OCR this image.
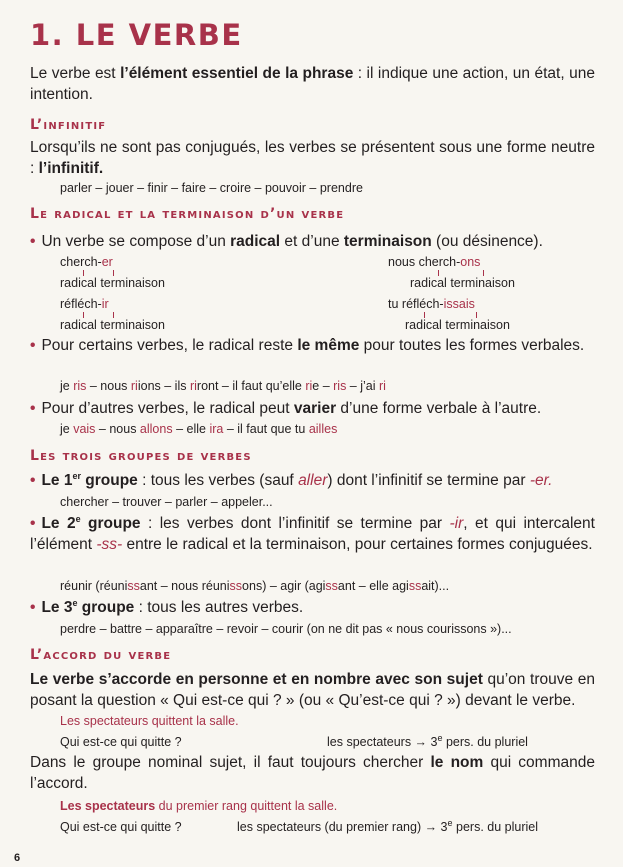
1. LE VERBE

Le verbe est l’élément essentiel de la phrase : il indique une action, un état, une intention.

L’infinitif

Lorsqu’ils ne sont pas conjugués, les verbes se présentent sous une forme neutre : l’infinitif.

parler – jouer – finir – faire – croire – pouvoir – prendre

Le radical et la terminaison d’un verbe

• Un verbe se compose d’un radical et d’une terminaison (ou désinence).

cherch-er
radical terminaison
nous cherch-ons
radical terminaison
réfléch-ir
radical terminaison
tu réfléch-issais
radical terminaison

• Pour certains verbes, le radical reste le même pour toutes les formes verbales.

je ris – nous riions – ils riront – il faut qu’elle rie – ris – j’ai ri

• Pour d’autres verbes, le radical peut varier d’une forme verbale à l’autre.

je vais – nous allons – elle ira – il faut que tu ailles

Les trois groupes de verbes

• Le 1er groupe : tous les verbes (sauf aller) dont l’infinitif se termine par -er.

chercher – trouver – parler – appeler...

• Le 2e groupe : les verbes dont l’infinitif se termine par -ir, et qui intercalent l’élément -ss- entre le radical et la terminaison, pour certaines formes conjuguées.

réunir (réunissant – nous réunissons) – agir (agissant – elle agissait)...

• Le 3e groupe : tous les autres verbes.

perdre – battre – apparaître – revoir – courir (on ne dit pas « nous courissons »)...

L’accord du verbe

Le verbe s’accorde en personne et en nombre avec son sujet qu’on trouve en posant la question « Qui est-ce qui ? » (ou « Qu’est-ce qui ? ») devant le verbe.

Les spectateurs quittent la salle.

Qui est-ce qui quitte ?	les spectateurs → $3^e$ pers. du pluriel

Dans le groupe nominal sujet, il faut toujours chercher le nom qui commande l’accord.

Les spectateurs du premier rang quittent la salle.

Qui est-ce qui quitte ?	les spectateurs (du premier rang) → $3^e$ pers. du pluriel
6
